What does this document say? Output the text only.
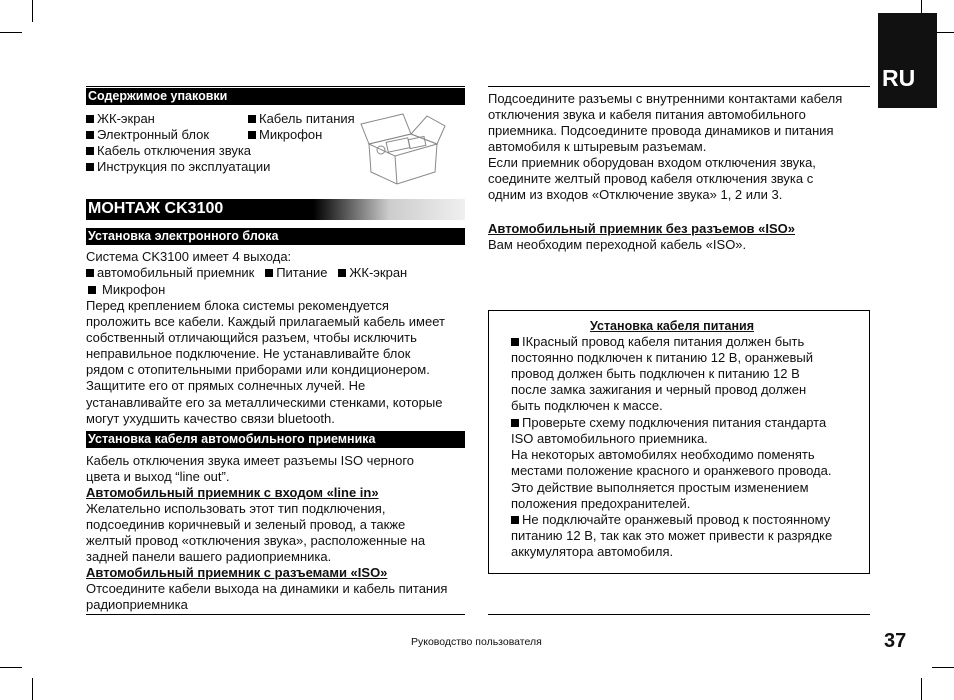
RU
Содержимое упаковки
ЖК-экран
Электронный блок
Кабель отключения звука
Инструкция по эксплуатации
Кабель питания
Микрофон
МОНТАЖ CK3100
Установка электронного блока
Система CK3100 имеет 4 выхода:
автомобильный приемник Питание ЖК-экран
Микрофон
Перед креплением блока системы рекомендуется
проложить все кабели. Каждый прилагаемый кабель имеет
собственный отличающийся разъем, чтобы исключить
неправильное подключение. Не устанавливайте блок
рядом с отопительными приборами или кондиционером.
Защитите его от прямых солнечных лучей. Не
устанавливайте его за металлическими стенками, которые
могут ухудшить качество связи bluetooth.
Установка кабеля автомобильного приемника
Кабель отключения звука имеет разъемы ISO черного
цвета и выход “line out”.
Автомобильный приемник с входом «line in»
Желательно использовать этот тип подключения,
подсоединив коричневый и зеленый провод, а также
желтый провод «отключения звука», расположенные на
задней панели вашего радиоприемника.
Автомобильный приемник с разъемами «ISO»
Отсоедините кабели выхода на динамики и кабель питания
радиоприемника
Подсоедините разъемы с внутренними контактами кабеля
отключения звука и кабеля питания автомобильного
приемника. Подсоедините провода динамиков и питания
автомобиля к штыревым разъемам.
Если приемник оборудован входом отключения звука,
соедините желтый провод кабеля отключения звука с
одним из входов «Отключение звука» 1, 2 или 3.
Автомобильный приемник без разъемов «ISO»
Вам необходим переходной кабель «ISO».
Установка кабеля питания
ІКрасный провод кабеля питания должен быть
постоянно подключен к питанию 12 В, оранжевый
провод должен быть подключен к питанию 12 В
после замка зажигания и черный провод должен
быть подключен к массе.
Проверьте схему подключения питания стандарта
ISO автомобильного приемника.
На некоторых автомобилях необходимо поменять
местами положение красного и оранжевого провода.
Это действие выполняется простым изменением
положения предохранителей.
Не подключайте оранжевый провод к постоянному
питанию 12 В, так как это может привести к разрядке
аккумулятора автомобиля.
Руководство пользователя	37
